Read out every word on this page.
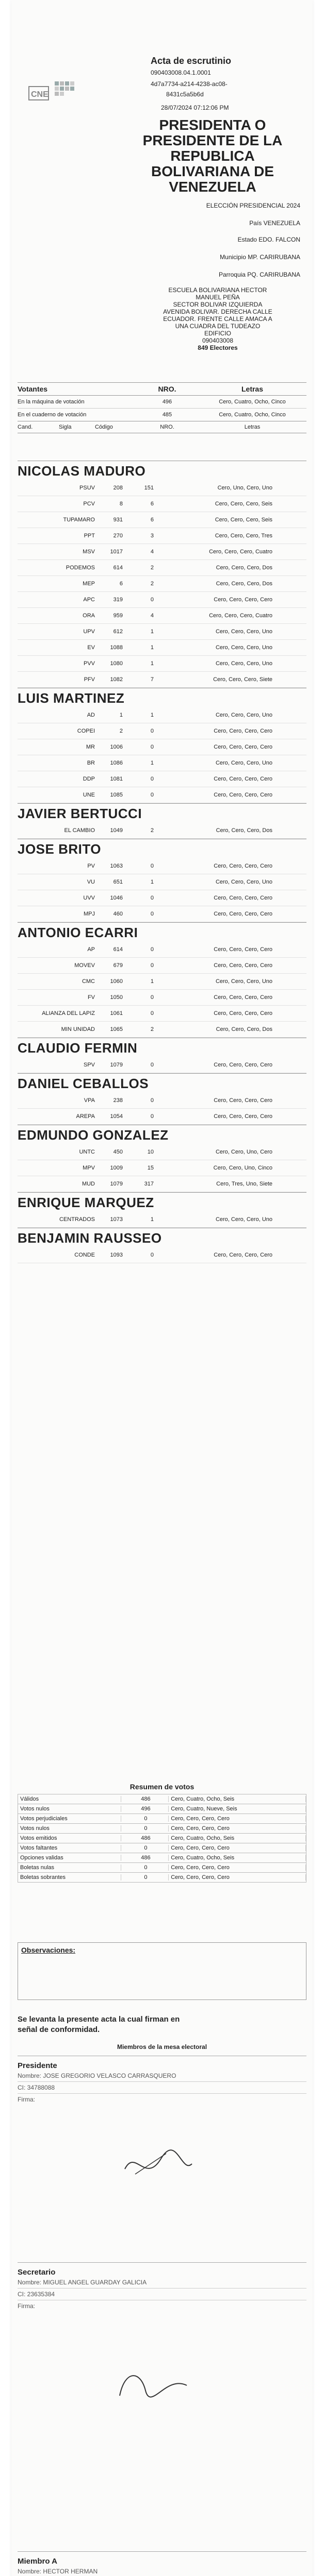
CNE
Acta de escrutinio
090403008.04.1.0001
4d7a7734-a214-4238-ac08-
8431c5a5b6d
28/07/2024 07:12:06 PM
PRESIDENTA O
PRESIDENTE DE LA
REPUBLICA
BOLIVARIANA DE
VENEZUELA
ELECCIÓN PRESIDENCIAL 2024
País VENEZUELA
Estado EDO. FALCON
Municipio MP. CARIRUBANA
Parroquia PQ. CARIRUBANA
ESCUELA BOLIVARIANA HECTOR
MANUEL PEÑA
SECTOR BOLIVAR IZQUIERDA
AVENIDA BOLIVAR. DERECHA CALLE
ECUADOR. FRENTE CALLE AMACA A
UNA CUADRA DEL TUDEAZO
EDIFICIO
090403008
849 Electores
Votantes	NRO.	Letras
En la máquina de votación	496	Cero, Cuatro, Ocho, Cinco
En el cuaderno de votación	485	Cero, Cuatro, Ocho, Cinco
Cand.	Sigla	Código	NRO.	Letras
NICOLAS MADURO
PSUV	208	151	Cero, Uno, Cero, Uno
PCV	8	6	Cero, Cero, Cero, Seis
TUPAMARO	931	6	Cero, Cero, Cero, Seis
PPT	270	3	Cero, Cero, Cero, Tres
MSV	1017	4	Cero, Cero, Cero, Cuatro
PODEMOS	614	2	Cero, Cero, Cero, Dos
MEP	6	2	Cero, Cero, Cero, Dos
APC	319	0	Cero, Cero, Cero, Cero
ORA	959	4	Cero, Cero, Cero, Cuatro
UPV	612	1	Cero, Cero, Cero, Uno
EV	1088	1	Cero, Cero, Cero, Uno
PVV	1080	1	Cero, Cero, Cero, Uno
PFV	1082	7	Cero, Cero, Cero, Siete
LUIS MARTINEZ
AD	1	1	Cero, Cero, Cero, Uno
COPEI	2	0	Cero, Cero, Cero, Cero
MR	1006	0	Cero, Cero, Cero, Cero
BR	1086	1	Cero, Cero, Cero, Uno
DDP	1081	0	Cero, Cero, Cero, Cero
UNE	1085	0	Cero, Cero, Cero, Cero
JAVIER BERTUCCI
EL CAMBIO	1049	2	Cero, Cero, Cero, Dos
JOSE BRITO
PV	1063	0	Cero, Cero, Cero, Cero
VU	651	1	Cero, Cero, Cero, Uno
UVV	1046	0	Cero, Cero, Cero, Cero
MPJ	460	0	Cero, Cero, Cero, Cero
ANTONIO ECARRI
AP	614	0	Cero, Cero, Cero, Cero
MOVEV	679	0	Cero, Cero, Cero, Cero
CMC	1060	1	Cero, Cero, Cero, Uno
FV	1050	0	Cero, Cero, Cero, Cero
ALIANZA DEL LAPIZ	1061	0	Cero, Cero, Cero, Cero
MIN UNIDAD	1065	2	Cero, Cero, Cero, Dos
CLAUDIO FERMIN
SPV	1079	0	Cero, Cero, Cero, Cero
DANIEL CEBALLOS
VPA	238	0	Cero, Cero, Cero, Cero
AREPA	1054	0	Cero, Cero, Cero, Cero
EDMUNDO GONZALEZ
UNTC	450	10	Cero, Cero, Uno, Cero
MPV	1009	15	Cero, Cero, Uno, Cinco
MUD	1079	317	Cero, Tres, Uno, Siete
ENRIQUE MARQUEZ
CENTRADOS	1073	1	Cero, Cero, Cero, Uno
BENJAMIN RAUSSEO
CONDE	1093	0	Cero, Cero, Cero, Cero
Resumen de votos
Válidos	486	Cero, Cuatro, Ocho, Seis
Votos nulos	496	Cero, Cuatro, Nueve, Seis
Votos perjudiciales	0	Cero, Cero, Cero, Cero
Votos nulos	0	Cero, Cero, Cero, Cero
Votos emitidos	486	Cero, Cuatro, Ocho, Seis
Votos faltantes	0	Cero, Cero, Cero, Cero
Opciones validas	486	Cero, Cuatro, Ocho, Seis
Boletas nulas	0	Cero, Cero, Cero, Cero
Boletas sobrantes	0	Cero, Cero, Cero, Cero
Observaciones:
Se levanta la presente acta la cual firman en
señal de conformidad.
Miembros de la mesa electoral
Presidente
Nombre: JOSE GREGORIO VELASCO CARRASQUERO
CI: 34788088
Firma:
Secretario
Nombre: MIGUEL ANGEL GUARDAY GALICIA
CI: 23635384
Firma:
Miembro A
Nombre: HECTOR HERMAN
